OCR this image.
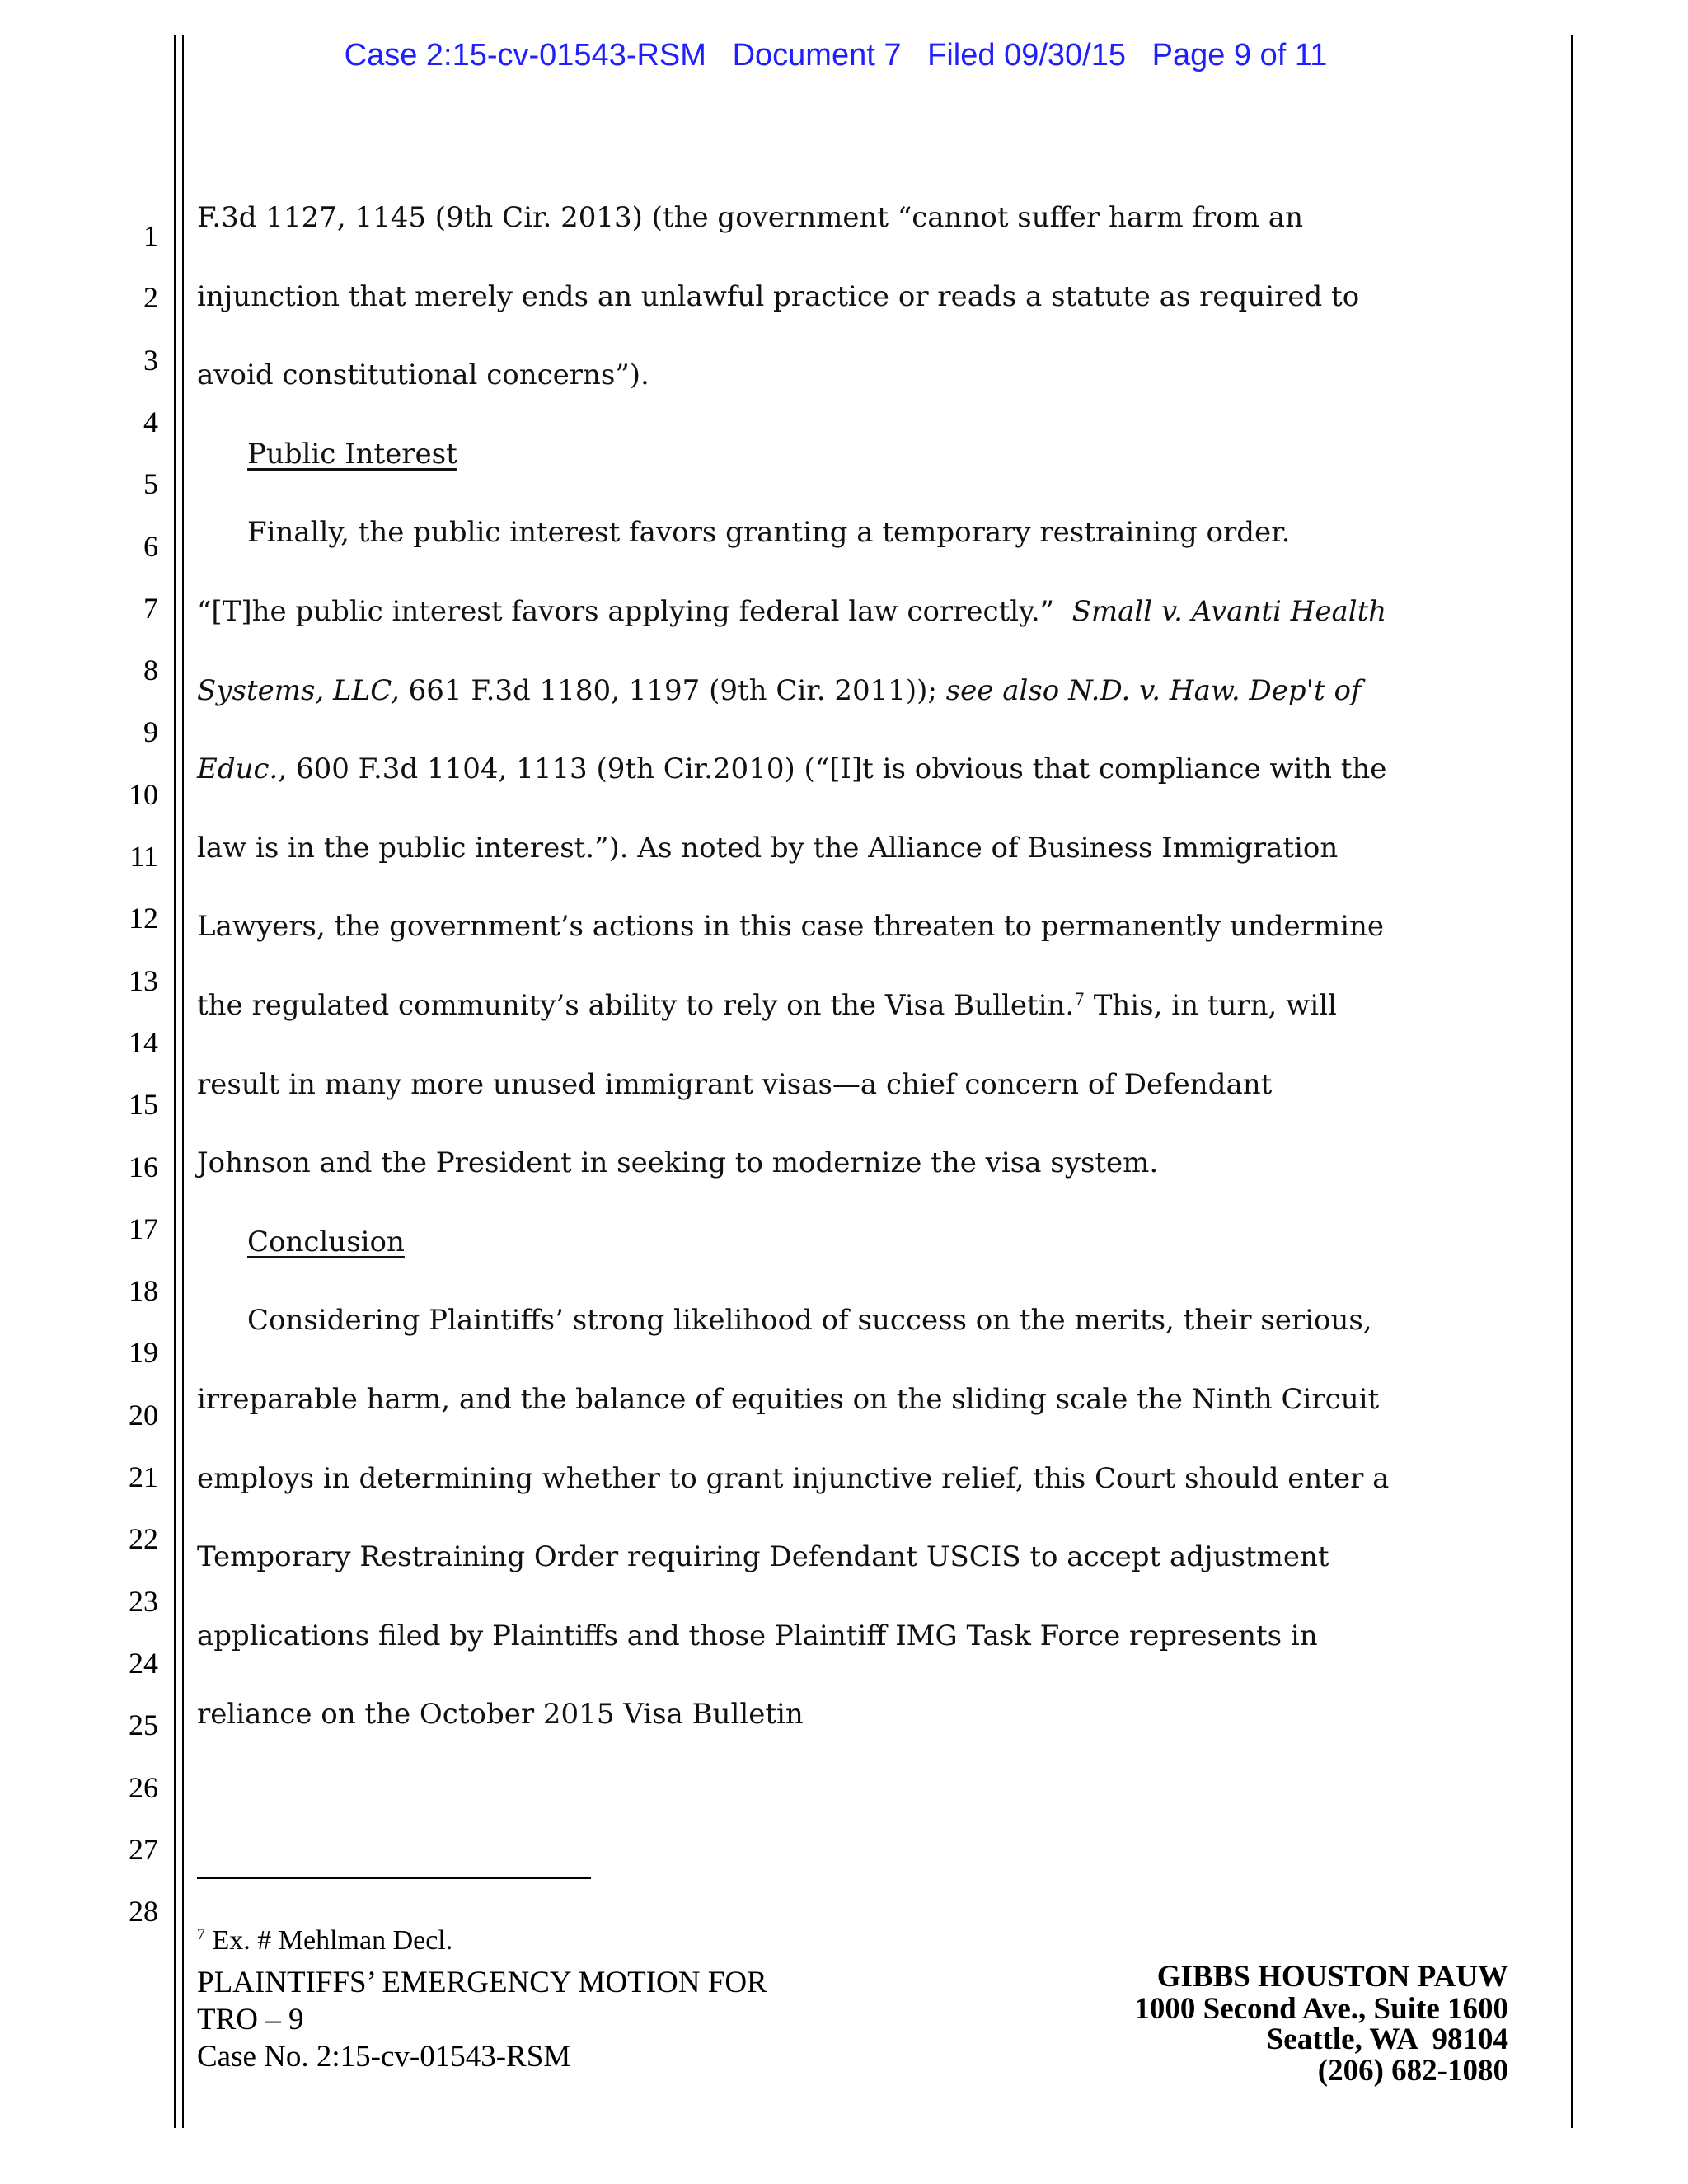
Case 2:15-cv-01543-RSM   Document 7   Filed 09/30/15   Page 9 of 11
1
2
3
4
5
6
7
8
9
10
11
12
13
14
15
16
17
18
19
20
21
22
23
24
25
26
27
28
F.3d 1127, 1145 (9th Cir. 2013) (the government “cannot suffer harm from an
injunction that merely ends an unlawful practice or reads a statute as required to
avoid constitutional concerns”).
Public Interest
Finally, the public interest favors granting a temporary restraining order.
“[T]he public interest favors applying federal law correctly.”  Small v. Avanti Health
Systems, LLC, 661 F.3d 1180, 1197 (9th Cir. 2011)); see also N.D. v. Haw. Dep't of
Educ., 600 F.3d 1104, 1113 (9th Cir.2010) (“[I]t is obvious that compliance with the
law is in the public interest.”). As noted by the Alliance of Business Immigration
Lawyers, the government’s actions in this case threaten to permanently undermine
the regulated community’s ability to rely on the Visa Bulletin.$^7$ This, in turn, will
result in many more unused immigrant visas—a chief concern of Defendant
Johnson and the President in seeking to modernize the visa system.
Conclusion
Considering Plaintiffs’ strong likelihood of success on the merits, their serious,
irreparable harm, and the balance of equities on the sliding scale the Ninth Circuit
employs in determining whether to grant injunctive relief, this Court should enter a
Temporary Restraining Order requiring Defendant USCIS to accept adjustment
applications filed by Plaintiffs and those Plaintiff IMG Task Force represents in
reliance on the October 2015 Visa Bulletin
$^7$ Ex. # Mehlman Decl.
PLAINTIFFS’ EMERGENCY MOTION FOR
TRO – 9
Case No. 2:15-cv-01543-RSM
GIBBS HOUSTON PAUW
1000 Second Ave., Suite 1600
Seattle, WA  98104
(206) 682-1080
